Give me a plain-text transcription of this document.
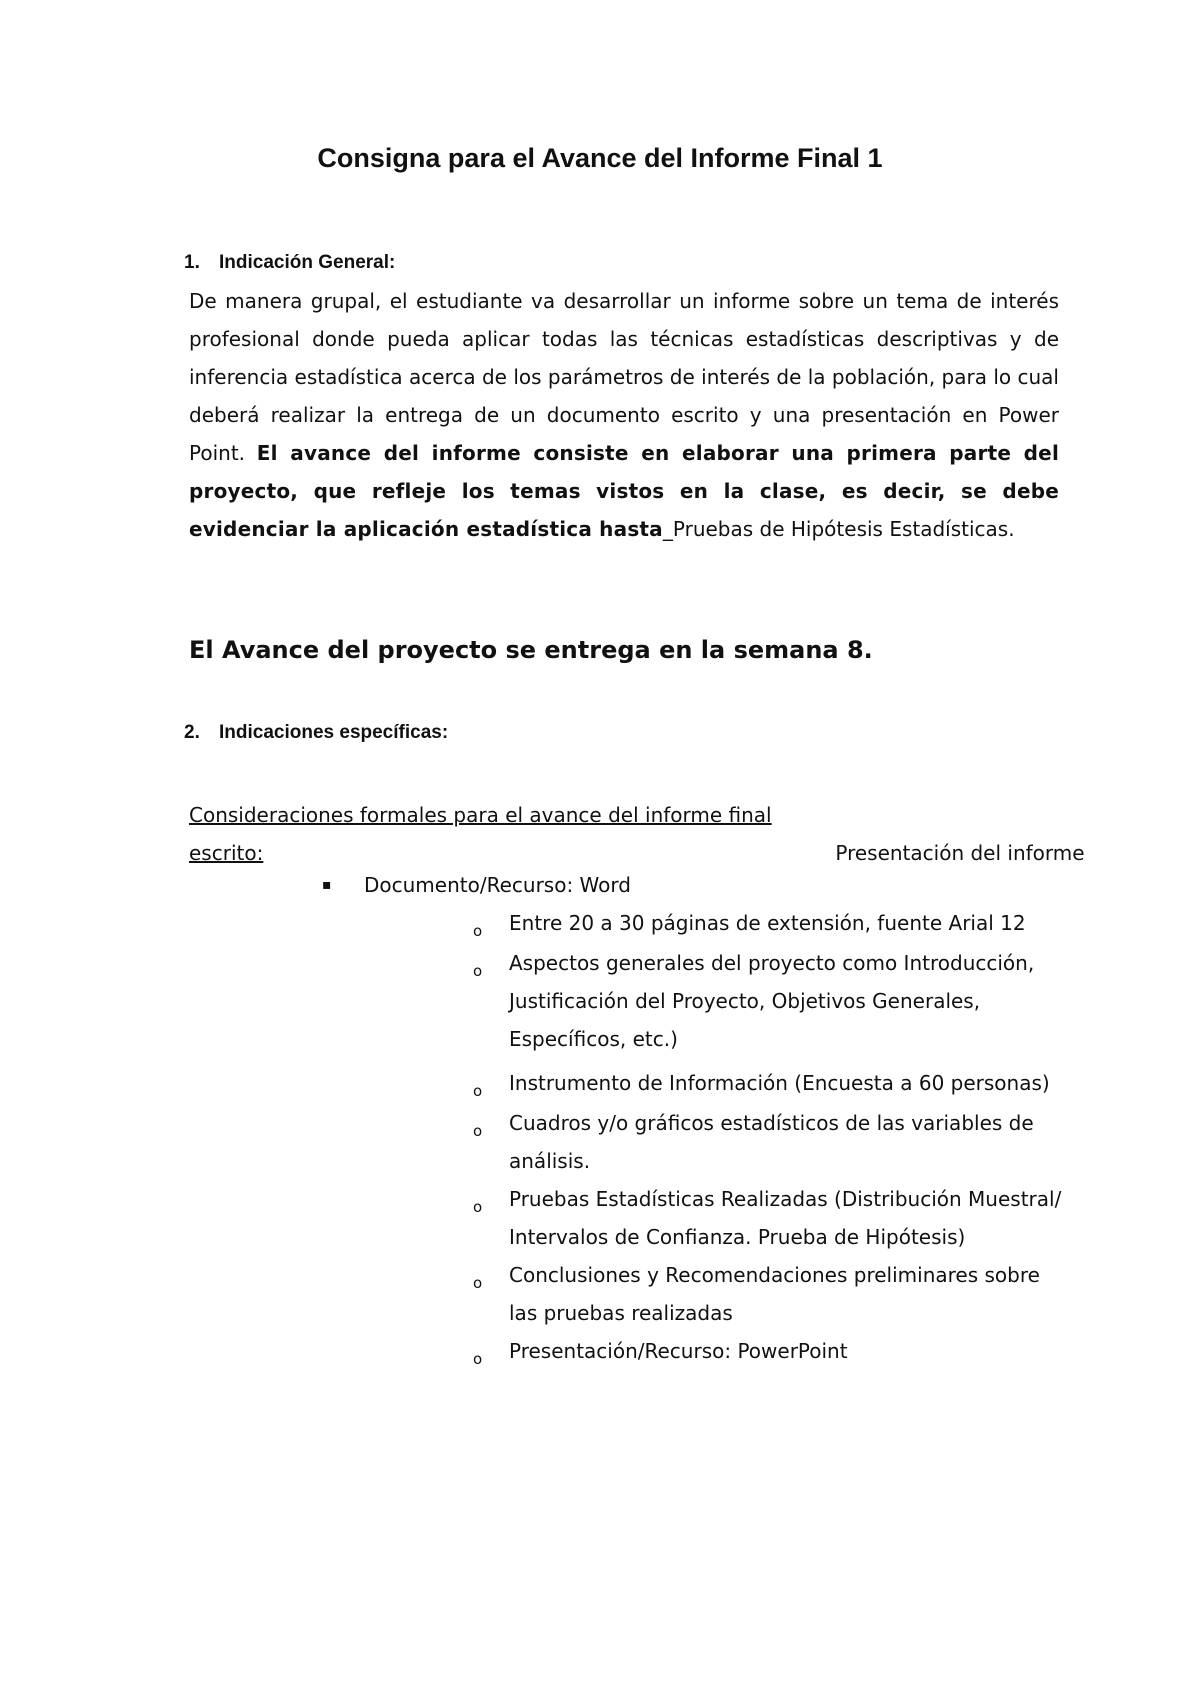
Consigna para el Avance del Informe Final 1
1. Indicación General:

De manera grupal, el estudiante va desarrollar un informe sobre un tema de interés profesional donde pueda aplicar todas las técnicas estadísticas descriptivas y de inferencia estadística acerca de los parámetros de interés de la población, para lo cual deberá realizar la entrega de un documento escrito y una presentación en Power Point. El avance del informe consiste en elaborar una primera parte del proyecto, que refleje los temas vistos en la clase, es decir, se debe evidenciar la aplicación estadística hasta_Pruebas de Hipótesis Estadísticas.

El Avance del proyecto se entrega en la semana 8.

2. Indicaciones específicas:

Consideraciones formales para el avance del informe final escrito:	Presentación del informe

▪ Documento/Recurso: Word

o Entre 20 a 30 páginas de extensión, fuente Arial 12
o Aspectos generales del proyecto como Introducción, Justificación del Proyecto, Objetivos Generales, Específicos, etc.)
o Instrumento de Información (Encuesta a 60 personas)
o Cuadros y/o gráficos estadísticos de las variables de análisis.
o Pruebas Estadísticas Realizadas (Distribución Muestral/ Intervalos de Confianza. Prueba de Hipótesis)
o Conclusiones y Recomendaciones preliminares sobre las pruebas realizadas
o Presentación/Recurso: PowerPoint
